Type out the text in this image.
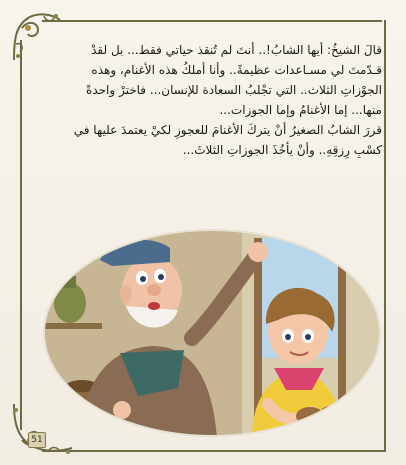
قالَ الشيخُ: أيها الشابُ!.. أنتَ لم تُنقذ حياتي فقط... بل لقدْ

قـدّمتَ لي مسـاعدات عظيمةً.. وأنا أملكُ هذه الأغنام، وهذه

الجوْزاتِ الثلاث.. التي تجْلبُ السعادة للإنسان... فاخترْ واحدةً

منها... إما الأغنامُ وإما الجوزات...

قررَ الشابُ الصغيرُ أنْ يتركَ الأغنامَ للعجوزِ لكيْ يعتمدَ عليها في

كسْبِ رِزقِهِ.. وأنْ يأخُذَ الجوزاتِ الثلاثَ...

51
